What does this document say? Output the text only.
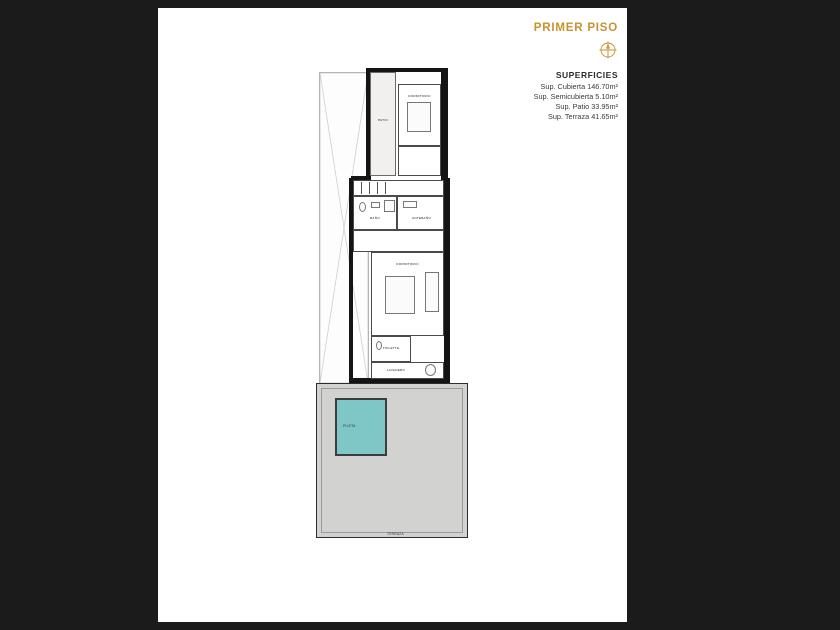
PRIMER PISO
SUPERFICIES
Sup. Cubierta 146.70m²
Sup. Semicubierta 5.10m²
Sup. Patio 33.95m²
Sup. Terraza 41.65m²
PATIO
DORMITORIO
BAÑO	ANTEBAÑO
DORMITORIO
TOILETTE
LAVADERO
PILETA
TERRAZA
